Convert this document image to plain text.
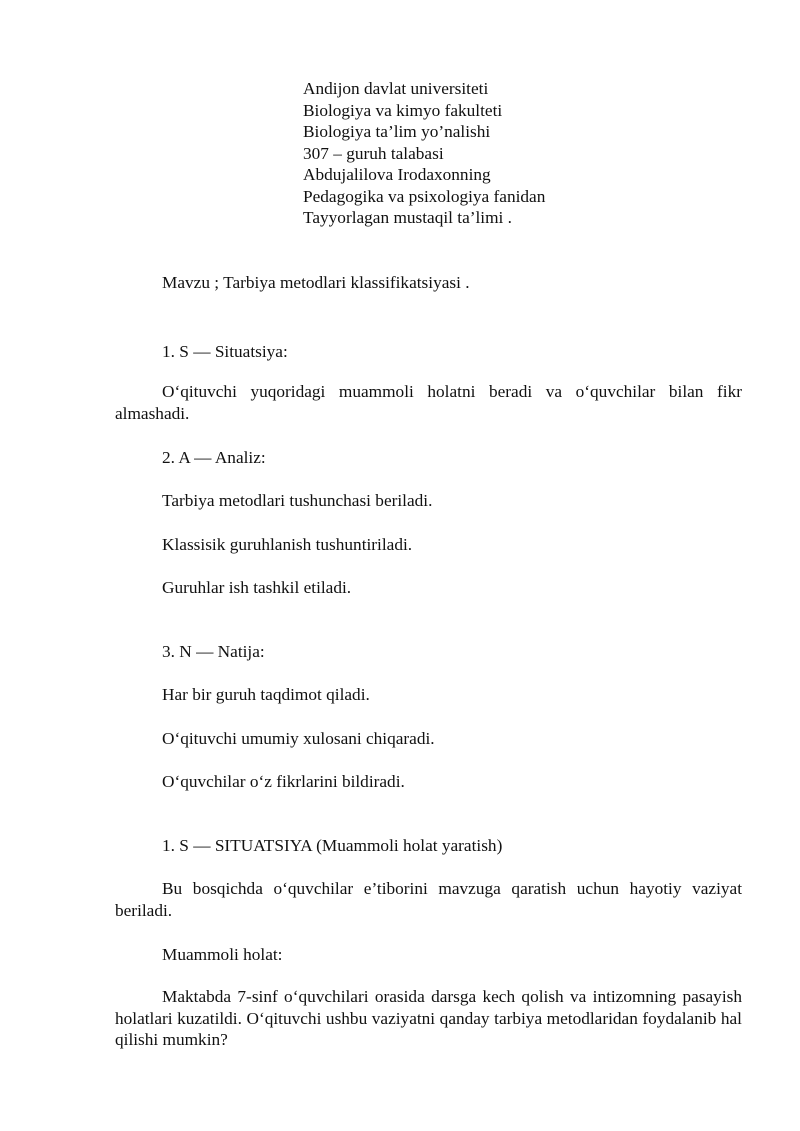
Andijon davlat universiteti
Biologiya va kimyo fakulteti
Biologiya ta’lim yo’nalishi
307 – guruh talabasi
Abdujalilova Irodaxonning
Pedagogika va psixologiya fanidan
Tayyorlagan mustaqil ta’limi .
Mavzu ; Tarbiya metodlari klassifikatsiyasi .
1. S — Situatsiya:
O‘qituvchi yuqoridagi muammoli holatni beradi va o‘quvchilar bilan fikr almashadi.
2. A — Analiz:
Tarbiya metodlari tushunchasi beriladi.
Klassisik guruhlanish tushuntiriladi.
Guruhlar ish tashkil etiladi.
3. N — Natija:
Har bir guruh taqdimot qiladi.
O‘qituvchi umumiy xulosani chiqaradi.
O‘quvchilar o‘z fikrlarini bildiradi.
1. S — SITUATSIYA (Muammoli holat yaratish)
Bu bosqichda o‘quvchilar e’tiborini mavzuga qaratish uchun hayotiy vaziyat beriladi.
Muammoli holat:
Maktabda 7-sinf o‘quvchilari orasida darsga kech qolish va intizomning pasayish holatlari kuzatildi. O‘qituvchi ushbu vaziyatni qanday tarbiya metodlaridan foydalanib hal qilishi mumkin?
